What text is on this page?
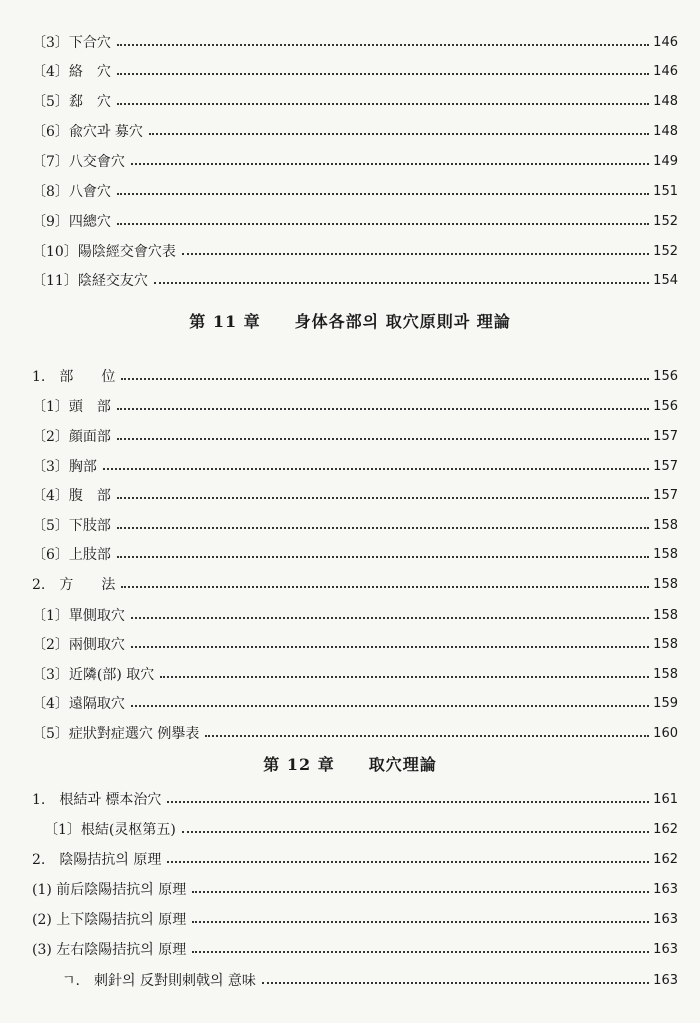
〔3〕下合穴	146
〔4〕絡　穴	146
〔5〕郄　穴	148
〔6〕兪穴과 募穴	148
〔7〕八交會穴	149
〔8〕八會穴	151
〔9〕四總穴	152
〔10〕陽陰經交會穴表	152
〔11〕陰経交友穴	154
第 11 章 身体各部의 取穴原則과 理論
1.　部　　位	156
〔1〕頭　部	156
〔2〕顔面部	157
〔3〕胸部	157
〔4〕腹　部	157
〔5〕下肢部	158
〔6〕上肢部	158
2.　方　　法	158
〔1〕單側取穴	158
〔2〕兩側取穴	158
〔3〕近隣(部) 取穴	158
〔4〕遠隔取穴	159
〔5〕症狀對症選穴 例擧表	160
第 12 章 取穴理論
1.　根結과 標本治穴	161
〔1〕根結(灵枢第五)	162
2.　陰陽拮抗의 原理	162
(1) 前后陰陽拮抗의 原理	163
(2) 上下陰陽拮抗의 原理	163
(3) 左右陰陽拮抗의 原理	163
ㄱ.　刺針의 反對則刺戟의 意味	163
